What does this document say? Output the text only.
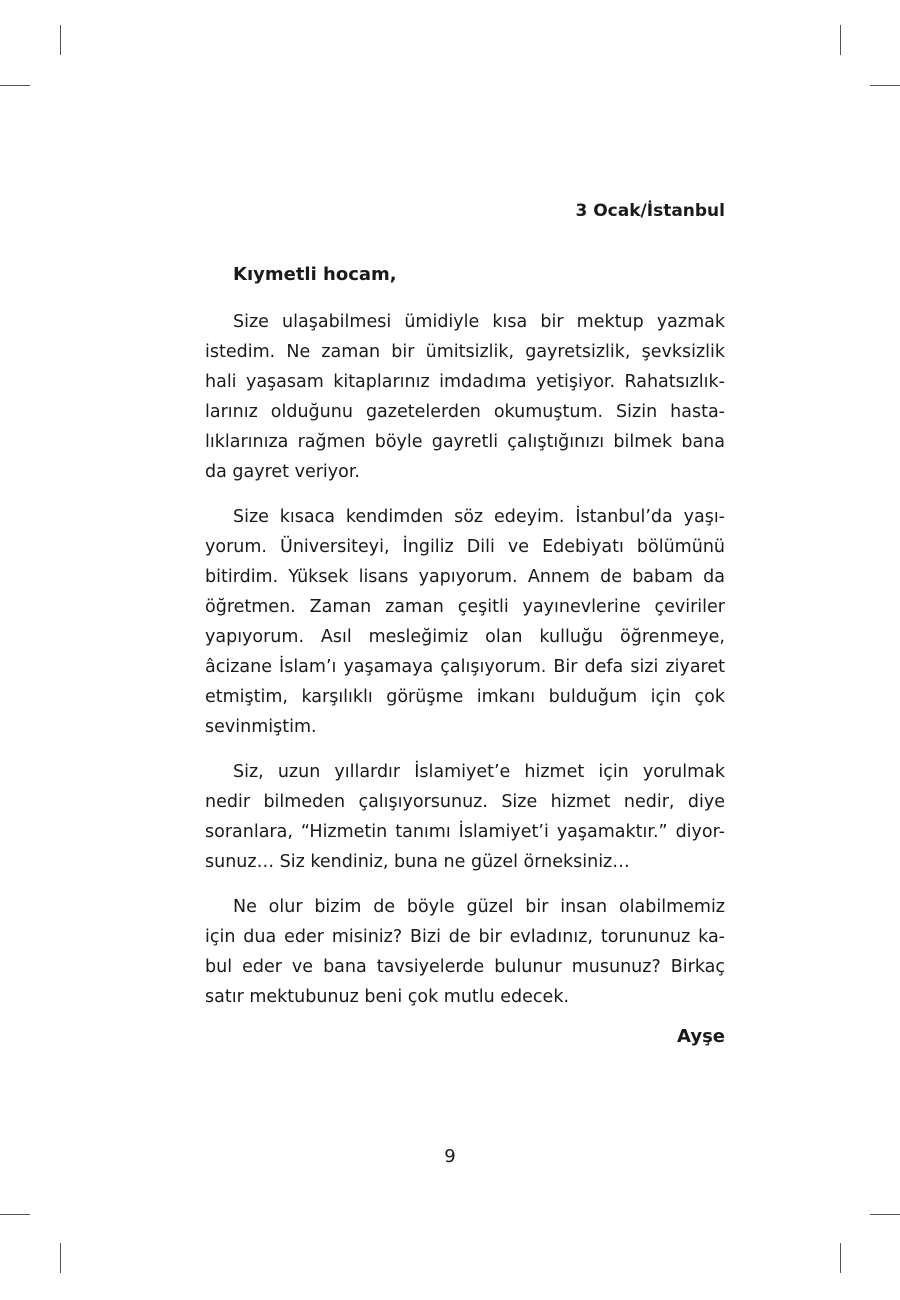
3 Ocak/İstanbul
Kıymetli hocam,
Size ulaşabilmesi ümidiyle kısa bir mektup yazmak
istedim. Ne zaman bir ümitsizlik, gayretsizlik, şevksizlik
hali yaşasam kitaplarınız imdadıma yetişiyor. Rahatsızlık-
larınız olduğunu gazetelerden okumuştum. Sizin hasta-
lıklarınıza rağmen böyle gayretli çalıştığınızı bilmek bana
da gayret veriyor.
Size kısaca kendimden söz edeyim. İstanbul’da yaşı-
yorum. Üniversiteyi, İngiliz Dili ve Edebiyatı bölümünü
bitirdim. Yüksek lisans yapıyorum. Annem de babam da
öğretmen. Zaman zaman çeşitli yayınevlerine çeviriler
yapıyorum. Asıl mesleğimiz olan kulluğu öğrenmeye,
âcizane İslam’ı yaşamaya çalışıyorum. Bir defa sizi ziyaret
etmiştim, karşılıklı görüşme imkanı bulduğum için çok
sevinmiştim.
Siz, uzun yıllardır İslamiyet’e hizmet için yorulmak
nedir bilmeden çalışıyorsunuz. Size hizmet nedir, diye
soranlara, “Hizmetin tanımı İslamiyet’i yaşamaktır.” diyor-
sunuz… Siz kendiniz, buna ne güzel örneksiniz…
Ne olur bizim de böyle güzel bir insan olabilmemiz
için dua eder misiniz? Bizi de bir evladınız, torununuz ka-
bul eder ve bana tavsiyelerde bulunur musunuz? Birkaç
satır mektubunuz beni çok mutlu edecek.
Ayşe
9
